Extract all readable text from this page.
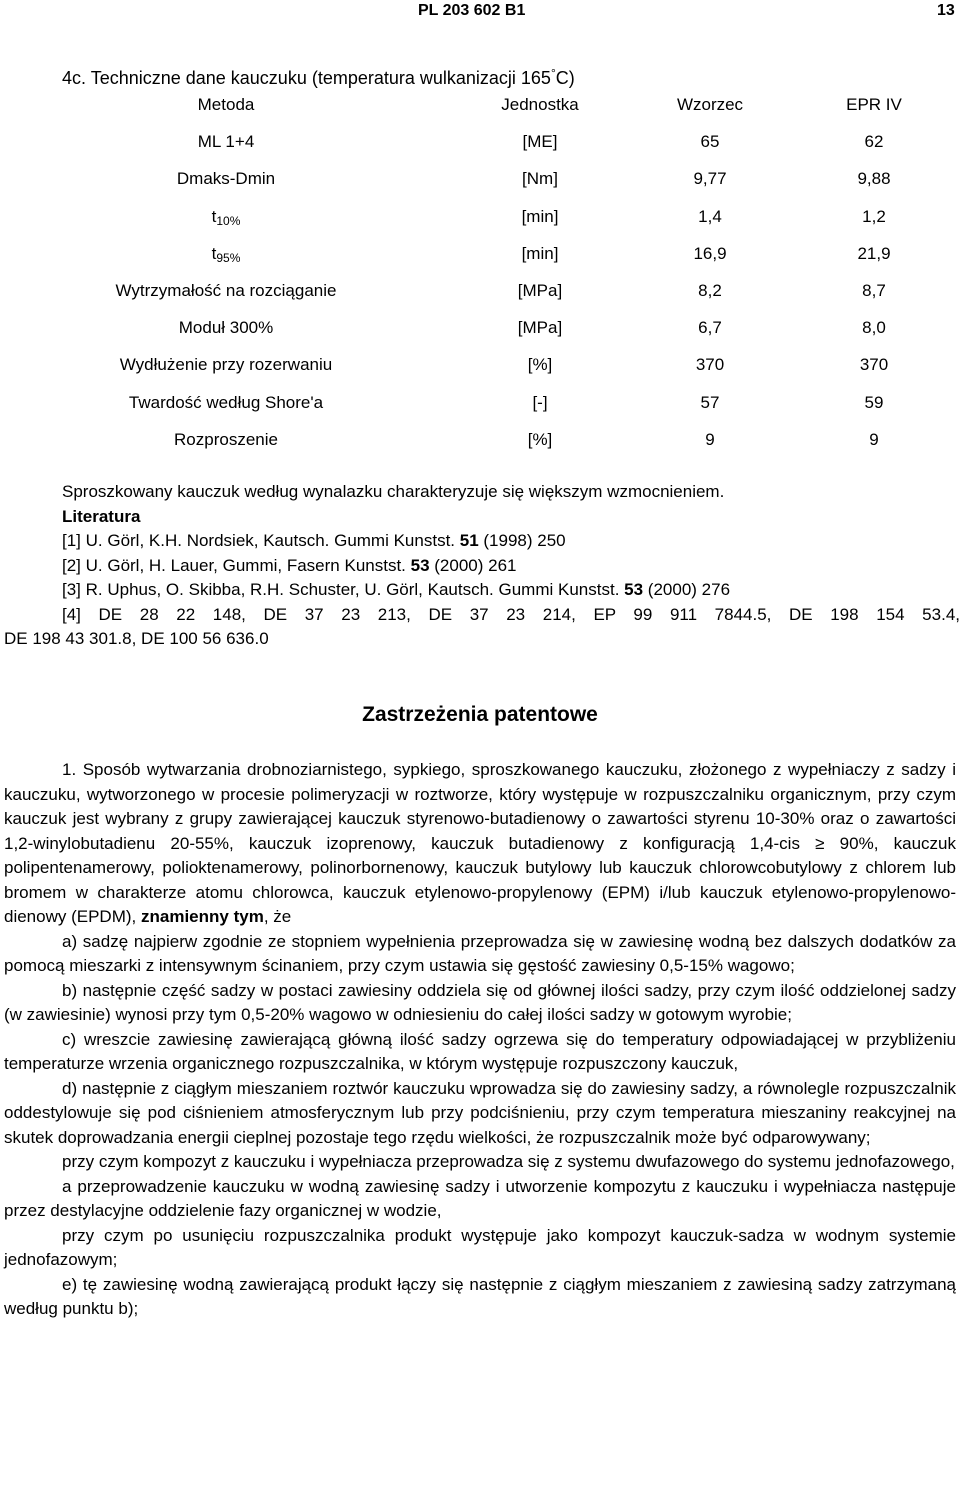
PL 203 602 B1	13
4c. Techniczne dane kauczuku (temperatura wulkanizacji 165°C)
Metoda	Jednostka	Wzorzec	EPR IV
ML 1+4	[ME]	65	62
Dmaks-Dmin	[Nm]	9,77	9,88
t10%	[min]	1,4	1,2
t95%	[min]	16,9	21,9
Wytrzymałość na rozciąganie	[MPa]	8,2	8,7
Moduł 300%	[MPa]	6,7	8,0
Wydłużenie przy rozerwaniu	[%]	370	370
Twardość według Shore'a	[-]	57	59
Rozproszenie	[%]	9	9
Sproszkowany kauczuk według wynalazku charakteryzuje się większym wzmocnieniem.
Literatura
[1] U. Görl, K.H. Nordsiek, Kautsch. Gummi Kunstst. 51 (1998) 250
[2] U. Görl, H. Lauer, Gummi, Fasern Kunstst. 53 (2000) 261
[3] R. Uphus, O. Skibba, R.H. Schuster, U. Görl, Kautsch. Gummi Kunstst. 53 (2000) 276
[4] DE 28 22 148, DE 37 23 213, DE 37 23 214, EP 99 911 7844.5, DE 198 154 53.4,
DE 198 43 301.8, DE 100 56 636.0
Zastrzeżenia patentowe

1. Sposób wytwarzania drobnoziarnistego, sypkiego, sproszkowanego kauczuku, złożonego z wypełniaczy z sadzy i kauczuku, wytworzonego w procesie polimeryzacji w roztworze, który występuje w rozpuszczalniku organicznym, przy czym kauczuk jest wybrany z grupy zawierającej kauczuk styrenowo-butadienowy o zawartości styrenu 10-30% oraz o zawartości 1,2-winylobutadienu 20-55%, kauczuk izoprenowy, kauczuk butadienowy z konfiguracją 1,4-cis ≥ 90%, kauczuk polipentenamerowy, polioktenamerowy, polinorbornenowy, kauczuk butylowy lub kauczuk chlorowcobutylowy z chlorem lub bromem w charakterze atomu chlorowca, kauczuk etylenowo-propylenowy (EPM) i/lub kauczuk etylenowo-propylenowo-dienowy (EPDM), znamienny tym, że

a) sadzę najpierw zgodnie ze stopniem wypełnienia przeprowadza się w zawiesinę wodną bez dalszych dodatków za pomocą mieszarki z intensywnym ścinaniem, przy czym ustawia się gęstość zawiesiny 0,5-15% wagowo;

b) następnie część sadzy w postaci zawiesiny oddziela się od głównej ilości sadzy, przy czym ilość oddzielonej sadzy (w zawiesinie) wynosi przy tym 0,5-20% wagowo w odniesieniu do całej ilości sadzy w gotowym wyrobie;

c) wreszcie zawiesinę zawierającą główną ilość sadzy ogrzewa się do temperatury odpowiadającej w przybliżeniu temperaturze wrzenia organicznego rozpuszczalnika, w którym występuje rozpuszczony kauczuk,

d) następnie z ciągłym mieszaniem roztwór kauczuku wprowadza się do zawiesiny sadzy, a równolegle rozpuszczalnik oddestylowuje się pod ciśnieniem atmosferycznym lub przy podciśnieniu, przy czym temperatura mieszaniny reakcyjnej na skutek doprowadzania energii cieplnej pozostaje tego rzędu wielkości, że rozpuszczalnik może być odparowywany;

przy czym kompozyt z kauczuku i wypełniacza przeprowadza się z systemu dwufazowego do systemu jednofazowego,

a przeprowadzenie kauczuku w wodną zawiesinę sadzy i utworzenie kompozytu z kauczuku i wypełniacza następuje przez destylacyjne oddzielenie fazy organicznej w wodzie,

przy czym po usunięciu rozpuszczalnika produkt występuje jako kompozyt kauczuk-sadza w wodnym systemie jednofazowym;

e) tę zawiesinę wodną zawierającą produkt łączy się następnie z ciągłym mieszaniem z zawiesiną sadzy zatrzymaną według punktu b);
